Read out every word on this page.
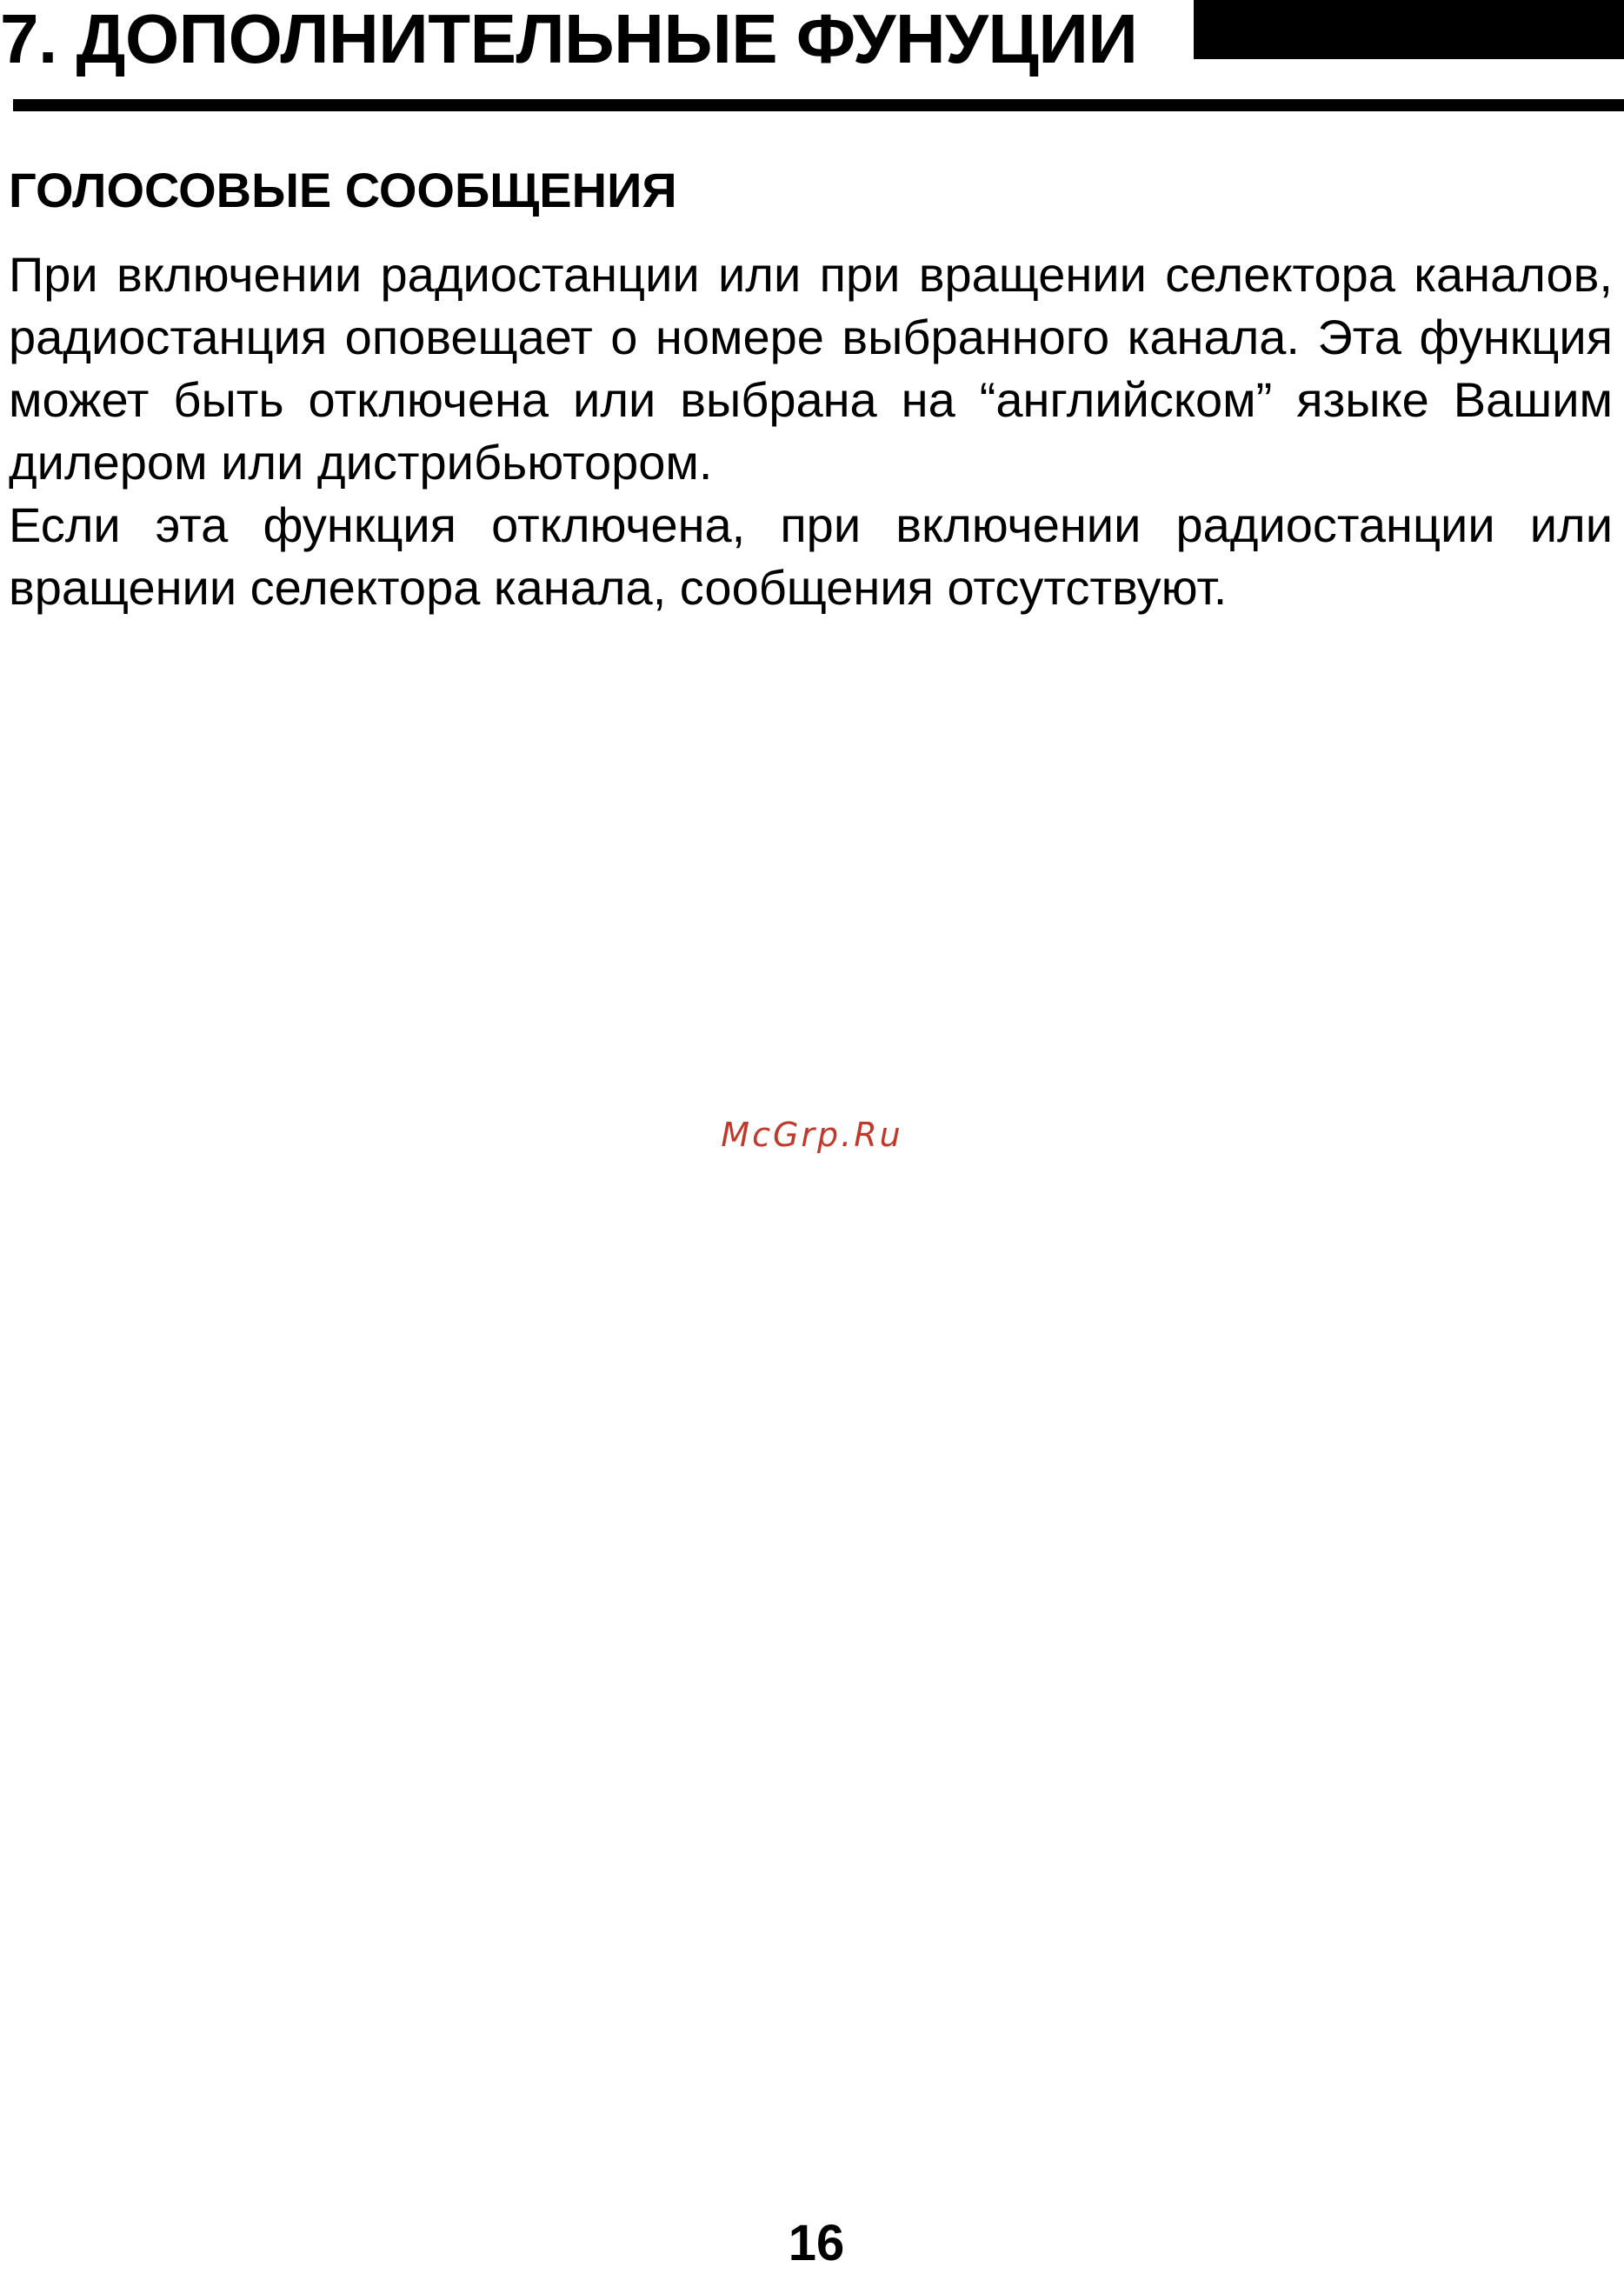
7. ДОПОЛНИТЕЛЬНЫЕ ФУНУЦИИ
ГОЛОСОВЫЕ СООБЩЕНИЯ

При включении радиостанции или при вращении селектора каналов, радиостанция оповещает о номере выбранного канала. Эта функция может быть отключена или выбрана на “английском” языке Вашим дилером или дистрибьютором.

Если эта функция отключена, при включении радиостанции или вращении селектора канала, сообщения отсутствуют.

McGrp.Ru
16
